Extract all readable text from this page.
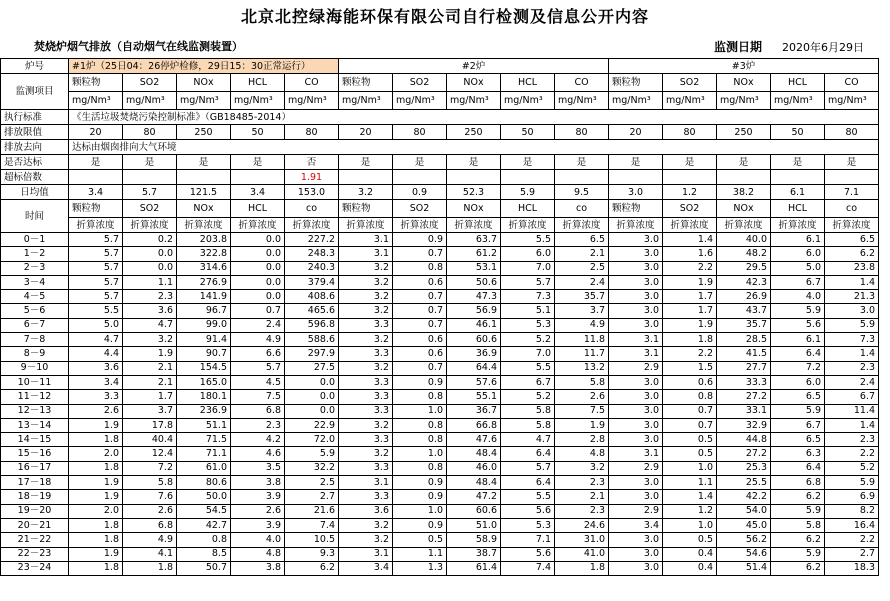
北京北控绿海能环保有限公司自行检测及信息公开内容
焚烧炉烟气排放（自动烟气在线监测装置）	监测日期 2020年6月29日
炉号	#1炉（25日04：26停炉检修，29日15：30正常运行）					#2炉					#3炉				
监测项目	颗粒物	SO2	NOx	HCL	CO	颗粒物	SO2	NOx	HCL	CO	颗粒物	SO2	NOx	HCL	CO
	mg/Nm³	mg/Nm³	mg/Nm³	mg/Nm³	mg/Nm³	mg/Nm³	mg/Nm³	mg/Nm³	mg/Nm³	mg/Nm³	mg/Nm³	mg/Nm³	mg/Nm³	mg/Nm³	mg/Nm³
执行标准	《生活垃圾焚烧污染控制标准》（GB18485-2014）														
排放限值	20	80	250	50	80	20	80	250	50	80	20	80	250	50	80
排放去向	达标由烟囱排向大气环境														
是否达标	是	是	是	是	否	是	是	是	是	是	是	是	是	是	是
超标倍数					1.91										
日均值	3.4	5.7	121.5	3.4	153.0	3.2	0.9	52.3	5.9	9.5	3.0	1.2	38.2	6.1	7.1
时间	颗粒物	SO2	NOx	HCL	co	颗粒物	SO2	NOx	HCL	co	颗粒物	SO2	NOx	HCL	co
	折算浓度	折算浓度	折算浓度	折算浓度	折算浓度	折算浓度	折算浓度	折算浓度	折算浓度	折算浓度	折算浓度	折算浓度	折算浓度	折算浓度	折算浓度
0－1	5.7	0.2	203.8	0.0	227.2	3.1	0.9	63.7	5.5	6.5	3.0	1.4	40.0	6.1	6.5
1－2	5.7	0.0	322.8	0.0	248.3	3.1	0.7	61.2	6.0	2.1	3.0	1.6	48.2	6.0	6.2
2－3	5.7	0.0	314.6	0.0	240.3	3.2	0.8	53.1	7.0	2.5	3.0	2.2	29.5	5.0	23.8
3－4	5.7	1.1	276.9	0.0	379.4	3.2	0.6	50.6	5.7	2.4	3.0	1.9	42.3	6.7	1.4
4－5	5.7	2.3	141.9	0.0	408.6	3.2	0.7	47.3	7.3	35.7	3.0	1.7	26.9	4.0	21.3
5－6	5.5	3.6	96.7	0.7	465.6	3.2	0.7	56.9	5.1	3.7	3.0	1.7	43.7	5.9	3.0
6－7	5.0	4.7	99.0	2.4	596.8	3.3	0.7	46.1	5.3	4.9	3.0	1.9	35.7	5.6	5.9
7－8	4.7	3.2	91.4	4.9	588.6	3.2	0.6	60.6	5.2	11.8	3.1	1.8	28.5	6.1	7.3
8－9	4.4	1.9	90.7	6.6	297.9	3.3	0.6	36.9	7.0	11.7	3.1	2.2	41.5	6.4	1.4
9－10	3.6	2.1	154.5	5.7	27.5	3.2	0.7	64.4	5.5	13.2	2.9	1.5	27.7	7.2	2.3
10－11	3.4	2.1	165.0	4.5	0.0	3.3	0.9	57.6	6.7	5.8	3.0	0.6	33.3	6.0	2.4
11－12	3.3	1.7	180.1	7.5	0.0	3.3	0.8	55.1	5.2	2.6	3.0	0.8	27.2	6.5	6.7
12－13	2.6	3.7	236.9	6.8	0.0	3.3	1.0	36.7	5.8	7.5	3.0	0.7	33.1	5.9	11.4
13－14	1.9	17.8	51.1	2.3	22.9	3.2	0.8	66.8	5.8	1.9	3.0	0.7	32.9	6.7	1.4
14－15	1.8	40.4	71.5	4.2	72.0	3.3	0.8	47.6	4.7	2.8	3.0	0.5	44.8	6.5	2.3
15－16	2.0	12.4	71.1	4.6	5.9	3.2	1.0	48.4	6.4	4.8	3.1	0.5	27.2	6.3	2.2
16－17	1.8	7.2	61.0	3.5	32.2	3.3	0.8	46.0	5.7	3.2	2.9	1.0	25.3	6.4	5.2
17－18	1.9	5.8	80.6	3.8	2.5	3.1	0.9	48.4	6.4	2.3	3.0	1.1	25.5	6.8	5.9
18－19	1.9	7.6	50.0	3.9	2.7	3.3	0.9	47.2	5.5	2.1	3.0	1.4	42.2	6.2	6.9
19－20	2.0	2.6	54.5	2.6	21.6	3.6	1.0	60.6	5.6	2.3	2.9	1.2	54.0	5.9	8.2
20－21	1.8	6.8	42.7	3.9	7.4	3.2	0.9	51.0	5.3	24.6	3.4	1.0	45.0	5.8	16.4
21－22	1.8	4.9	0.8	4.0	10.5	3.2	0.5	58.9	7.1	31.0	3.0	0.5	56.2	6.2	2.2
22－23	1.9	4.1	8.5	4.8	9.3	3.1	1.1	38.7	5.6	41.0	3.0	0.4	54.6	5.9	2.7
23－24	1.8	1.8	50.7	3.8	6.2	3.4	1.3	61.4	7.4	1.8	3.0	0.4	51.4	6.2	18.3
